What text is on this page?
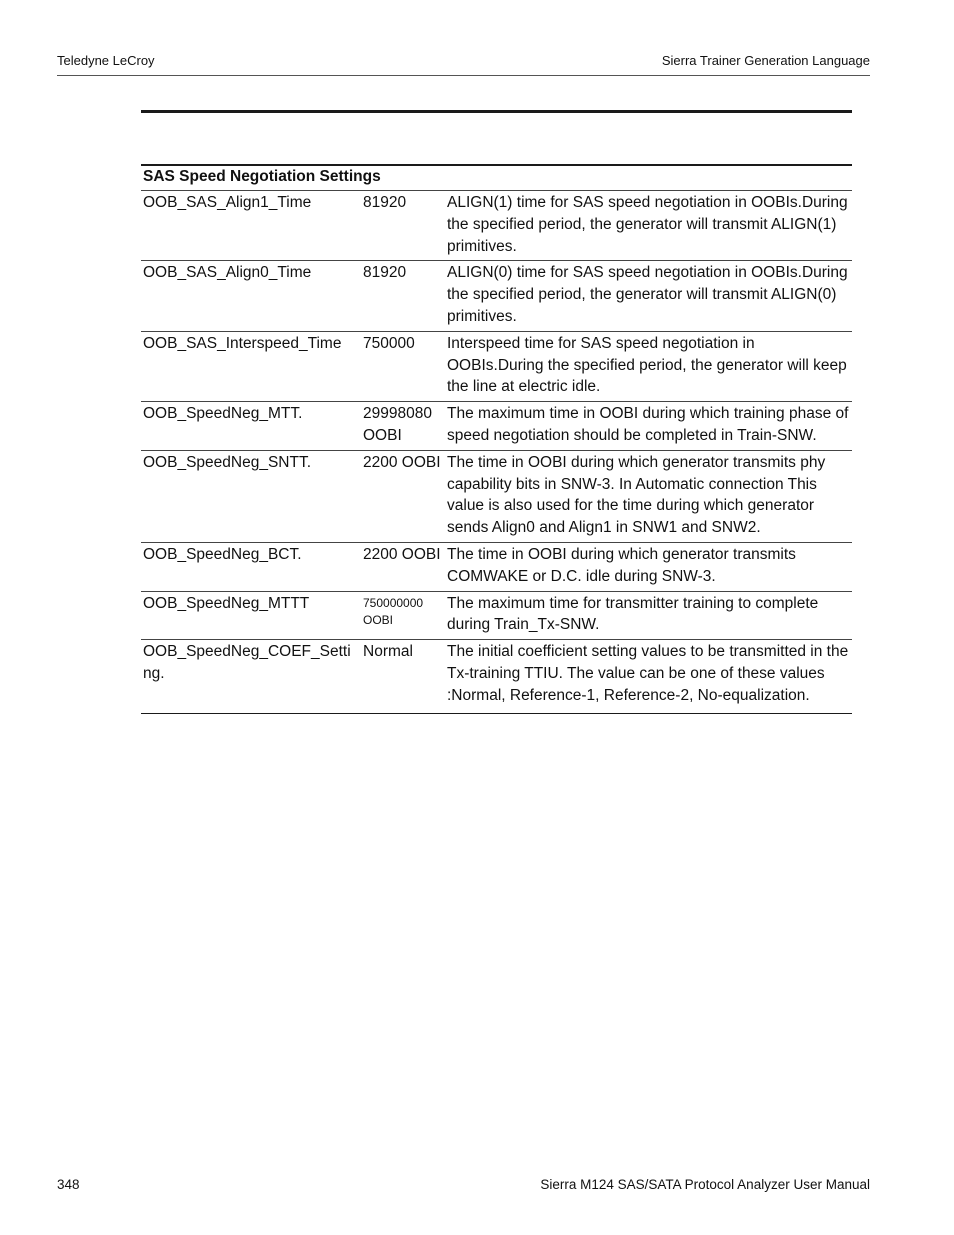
Teledyne LeCroy	Sierra Trainer Generation Language
SAS Speed Negotiation Settings		
OOB_SAS_Align1_Time	81920	ALIGN(1) time for SAS speed negotiation in OOBIs.During the specified period, the generator will transmit ALIGN(1) primitives.
OOB_SAS_Align0_Time	81920	ALIGN(0) time for SAS speed negotiation in OOBIs.During the specified period, the generator will transmit ALIGN(0) primitives.
OOB_SAS_Interspeed_Time	750000	Interspeed time for SAS speed negotiation in OOBIs.During the specified period, the generator will keep the line at electric idle.
OOB_SpeedNeg_MTT.	29998080 OOBI	The maximum time in OOBI during which training phase of speed negotiation should be completed in Train-SNW.
OOB_SpeedNeg_SNTT.	2200 OOBI	The time in OOBI during which generator transmits phy capability bits in SNW-3. In Automatic connection This value is also used for the time during which generator sends Align0 and Align1 in SNW1 and SNW2.
OOB_SpeedNeg_BCT.	2200 OOBI	The time in OOBI during which generator transmits COMWAKE or D.C. idle during SNW-3.
OOB_SpeedNeg_MTTT	750000000 OOBI	The maximum time for transmitter training to complete during Train_Tx-SNW.
OOB_SpeedNeg_COEF_Setting.	Normal	The initial coefficient setting values to be transmitted in the Tx-training TTIU. The value can be one of these values :Normal, Reference-1, Reference-2, No-equalization.
348	Sierra M124 SAS/SATA Protocol Analyzer User Manual
